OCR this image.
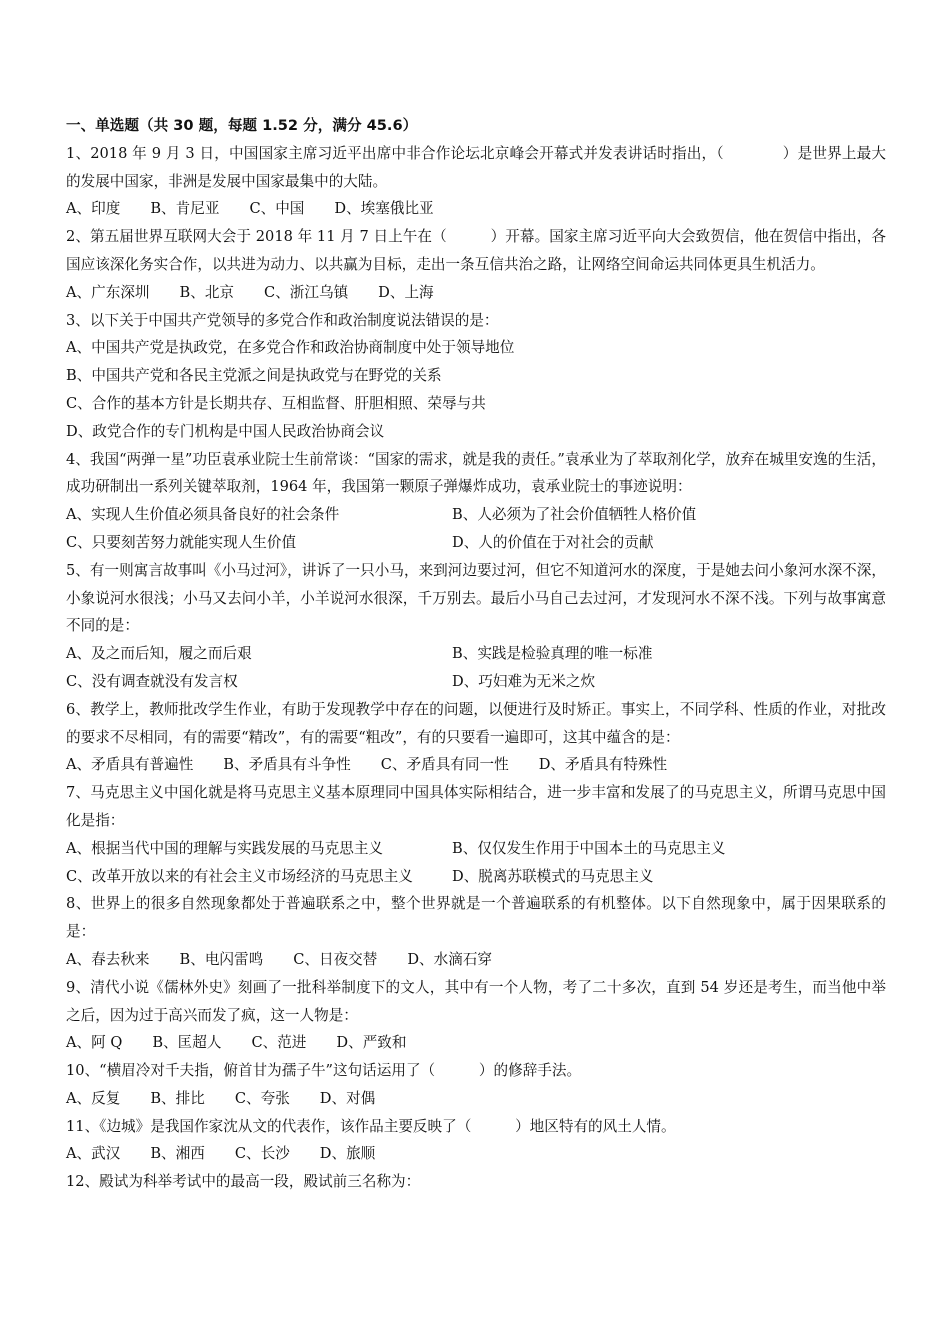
一、单选题（共 30 题，每题 1.52 分，满分 45.6）
1、2018 年 9 月 3 日，中国国家主席习近平出席中非合作论坛北京峰会开幕式并发表讲话时指出，（　　　　）是世界上最大的发展中国家，非洲是发展中国家最集中的大陆。
A、印度 B、肯尼亚 C、中国 D、埃塞俄比亚
2、第五届世界互联网大会于 2018 年 11 月 7 日上午在（　　　）开幕。国家主席习近平向大会致贺信，他在贺信中指出，各国应该深化务实合作，以共进为动力、以共赢为目标，走出一条互信共治之路，让网络空间命运共同体更具生机活力。
A、广东深圳 B、北京 C、浙江乌镇 D、上海
3、以下关于中国共产党领导的多党合作和政治制度说法错误的是：
A、中国共产党是执政党，在多党合作和政治协商制度中处于领导地位
B、中国共产党和各民主党派之间是执政党与在野党的关系
C、合作的基本方针是长期共存、互相监督、肝胆相照、荣辱与共
D、政党合作的专门机构是中国人民政治协商会议
4、我国“两弹一星”功臣袁承业院士生前常谈：“国家的需求，就是我的责任。”袁承业为了萃取剂化学，放弃在城里安逸的生活，成功研制出一系列关键萃取剂，1964 年，我国第一颗原子弹爆炸成功，袁承业院士的事迹说明：
A、实现人生价值必须具备良好的社会条件	B、人必须为了社会价值牺牲人格价值
C、只要刻苦努力就能实现人生价值	D、人的价值在于对社会的贡献
5、有一则寓言故事叫《小马过河》，讲诉了一只小马，来到河边要过河，但它不知道河水的深度，于是她去问小象河水深不深，小象说河水很浅；小马又去问小羊，小羊说河水很深，千万别去。最后小马自己去过河，才发现河水不深不浅。下列与故事寓意不同的是：
A、及之而后知，履之而后艰	B、实践是检验真理的唯一标准
C、没有调查就没有发言权	D、巧妇难为无米之炊
6、教学上，教师批改学生作业，有助于发现教学中存在的问题，以便进行及时矫正。事实上，不同学科、性质的作业，对批改的要求不尽相同，有的需要“精改”，有的需要“粗改”，有的只要看一遍即可，这其中蕴含的是：
A、矛盾具有普遍性 B、矛盾具有斗争性 C、矛盾具有同一性 D、矛盾具有特殊性
7、马克思主义中国化就是将马克思主义基本原理同中国具体实际相结合，进一步丰富和发展了的马克思主义，所谓马克思中国化是指：
A、根据当代中国的理解与实践发展的马克思主义	B、仅仅发生作用于中国本土的马克思主义
C、改革开放以来的有社会主义市场经济的马克思主义	D、脱离苏联模式的马克思主义
8、世界上的很多自然现象都处于普遍联系之中，整个世界就是一个普遍联系的有机整体。以下自然现象中，属于因果联系的是：
A、春去秋来 B、电闪雷鸣 C、日夜交替 D、水滴石穿
9、清代小说《儒林外史》刻画了一批科举制度下的文人，其中有一个人物，考了二十多次，直到 54 岁还是考生，而当他中举之后，因为过于高兴而发了疯，这一人物是：
A、阿 Q B、匡超人 C、范进 D、严致和
10、“横眉冷对千夫指，俯首甘为孺子牛”这句话运用了（　　　）的修辞手法。
A、反复 B、排比 C、夸张 D、对偶
11、《边城》是我国作家沈从文的代表作，该作品主要反映了（　　　）地区特有的风土人情。
A、武汉 B、湘西 C、长沙 D、旅顺
12、殿试为科举考试中的最高一段，殿试前三名称为：
